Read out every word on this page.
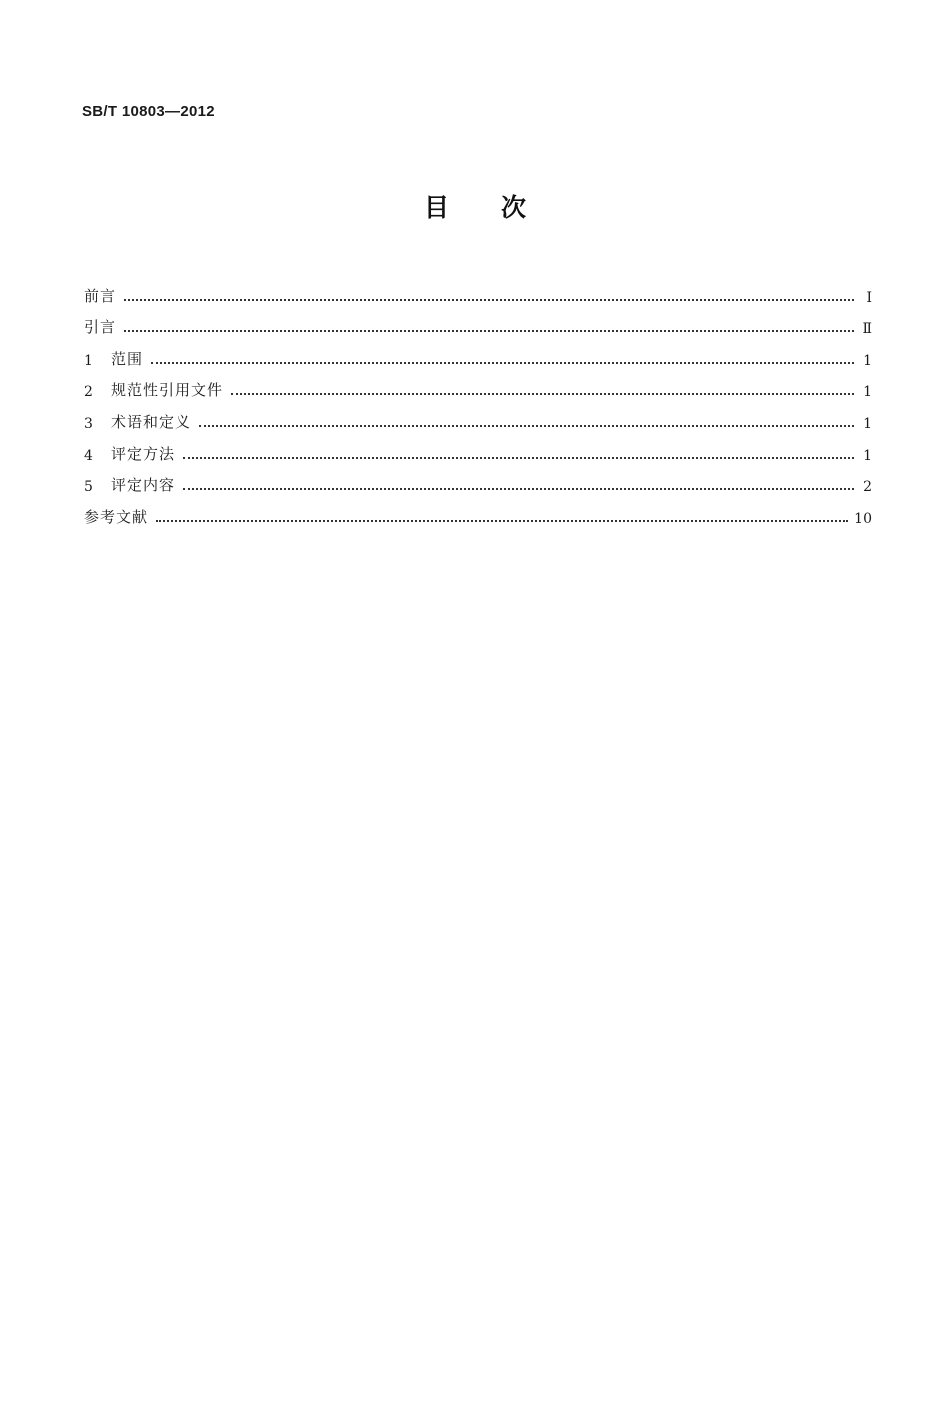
SB/T 10803—2012
目次
前言	Ⅰ
引言	Ⅱ
1	范围	1
2	规范性引用文件	1
3	术语和定义	1
4	评定方法	1
5	评定内容	2
参考文献	10
